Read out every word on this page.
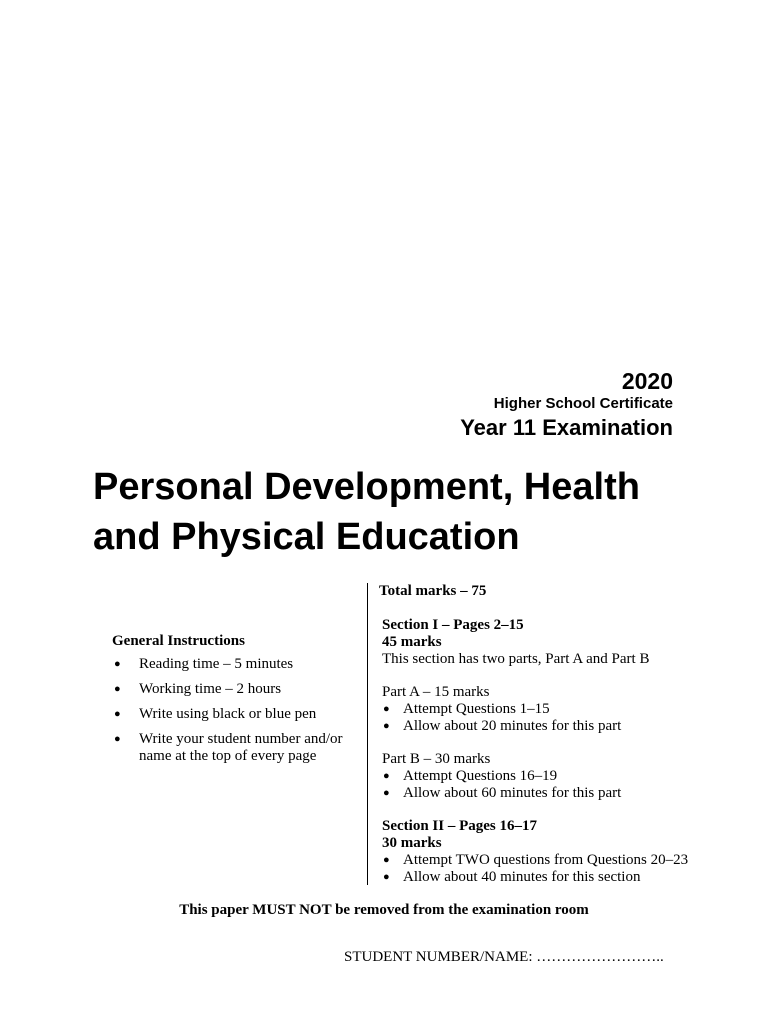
2020
Higher School Certificate
Year 11 Examination
Personal Development, Health
and Physical Education
General Instructions
● Reading time – 5 minutes
● Working time – 2 hours
● Write using black or blue pen
● Write your student number and/or name at the top of every page
Total marks – 75
Section I – Pages 2–15
45 marks
This section has two parts, Part A and Part B
Part A – 15 marks
● Attempt Questions 1–15
● Allow about 20 minutes for this part
Part B – 30 marks
● Attempt Questions 16–19
● Allow about 60 minutes for this part
Section II – Pages 16–17
30 marks
● Attempt TWO questions from Questions 20–23
● Allow about 40 minutes for this section
This paper MUST NOT be removed from the examination room
STUDENT NUMBER/NAME: ……………………..
